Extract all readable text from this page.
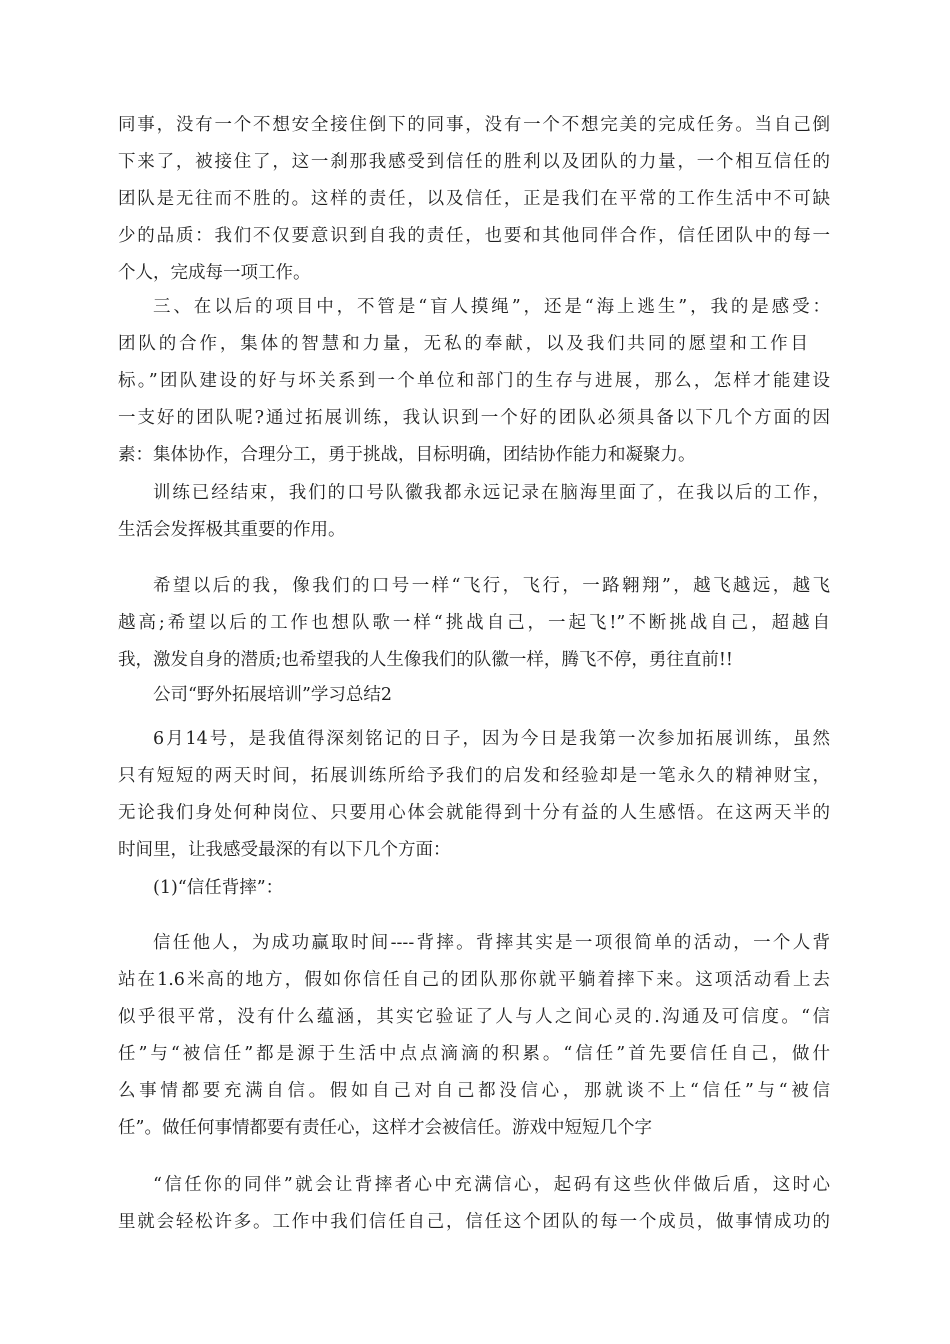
同事，没有一个不想安全接住倒下的同事，没有一个不想完美的完成任务。当自己倒
下来了，被接住了，这一刹那我感受到信任的胜利以及团队的力量，一个相互信任的
团队是无往而不胜的。这样的责任，以及信任，正是我们在平常的工作生活中不可缺
少的品质：我们不仅要意识到自我的责任，也要和其他同伴合作，信任团队中的每一
个人，完成每一项工作。
三、在以后的项目中，不管是“盲人摸绳”，还是“海上逃生”，我的是感受：
团队的合作，集体的智慧和力量，无私的奉献，以及我们共同的愿望和工作目
标。”团队建设的好与坏关系到一个单位和部门的生存与进展，那么，怎样才能建设
一支好的团队呢?通过拓展训练，我认识到一个好的团队必须具备以下几个方面的因
素：集体协作，合理分工，勇于挑战，目标明确，团结协作能力和凝聚力。
训练已经结束，我们的口号队徽我都永远记录在脑海里面了，在我以后的工作，
生活会发挥极其重要的作用。
希望以后的我，像我们的口号一样“飞行，飞行，一路翱翔”，越飞越远，越飞
越高;希望以后的工作也想队歌一样“挑战自己，一起飞!”不断挑战自己，超越自
我，激发自身的潜质;也希望我的人生像我们的队徽一样，腾飞不停，勇往直前!!
公司“野外拓展培训”学习总结2
6月14号，是我值得深刻铭记的日子，因为今日是我第一次参加拓展训练，虽然
只有短短的两天时间，拓展训练所给予我们的启发和经验却是一笔永久的精神财宝，
无论我们身处何种岗位、只要用心体会就能得到十分有益的人生感悟。在这两天半的
时间里，让我感受最深的有以下几个方面：
(1)“信任背摔”：
信任他人，为成功赢取时间----背摔。背摔其实是一项很简单的活动，一个人背
站在1.6米高的地方，假如你信任自己的团队那你就平躺着摔下来。这项活动看上去
似乎很平常，没有什么蕴涵，其实它验证了人与人之间心灵的.沟通及可信度。“信
任”与“被信任”都是源于生活中点点滴滴的积累。“信任”首先要信任自己，做什
么事情都要充满自信。假如自己对自己都没信心，那就谈不上“信任”与“被信
任”。做任何事情都要有责任心，这样才会被信任。游戏中短短几个字
“信任你的同伴”就会让背摔者心中充满信心，起码有这些伙伴做后盾，这时心
里就会轻松许多。工作中我们信任自己，信任这个团队的每一个成员，做事情成功的
